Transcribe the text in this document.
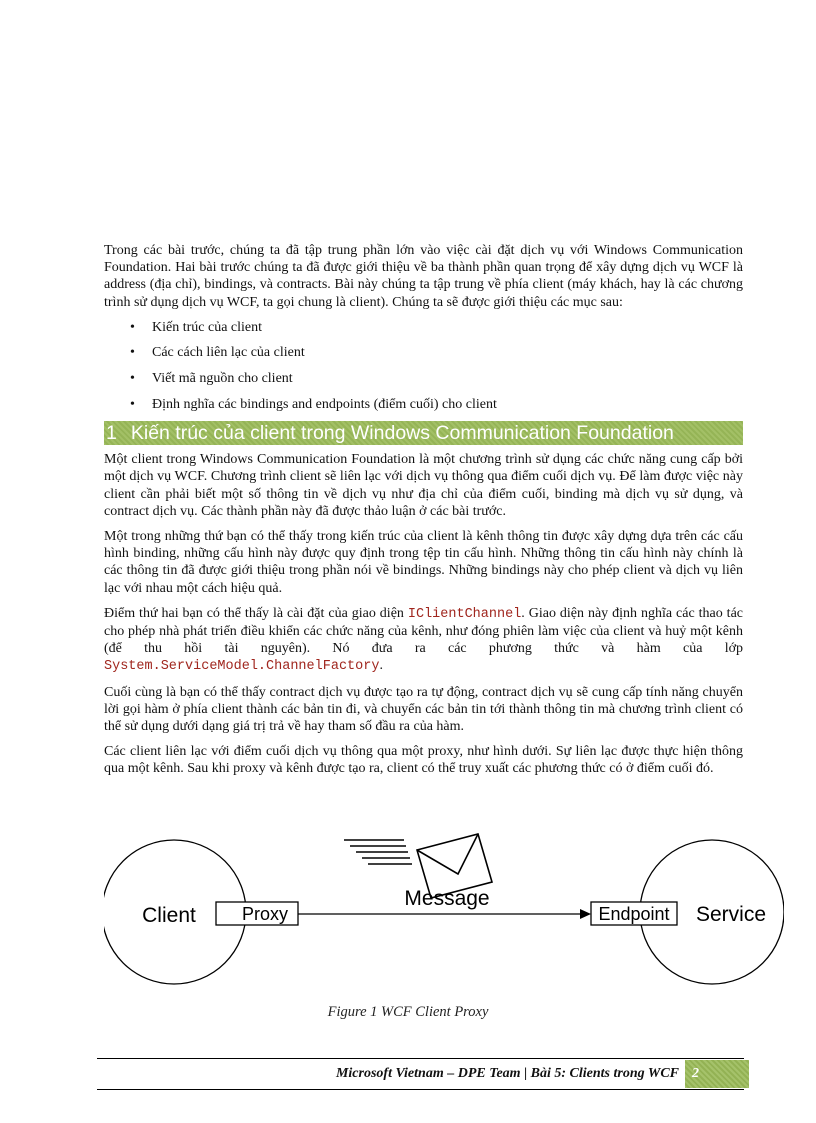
Trong các bài trước, chúng ta đã tập trung phần lớn vào việc cài đặt dịch vụ với Windows Communication Foundation. Hai bài trước chúng ta đã được giới thiệu về ba thành phần quan trọng để xây dựng dịch vụ WCF là address (địa chỉ), bindings, và contracts. Bài này chúng ta tập trung về phía client (máy khách, hay là các chương trình sử dụng dịch vụ WCF, ta gọi chung là client). Chúng ta sẽ được giới thiệu các mục sau:

• Kiến trúc của client
• Các cách liên lạc của client
• Viết mã nguồn cho client
• Định nghĩa các bindings and endpoints (điểm cuối) cho client
1 Kiến trúc của client trong Windows Communication Foundation

Một client trong Windows Communication Foundation là một chương trình sử dụng các chức năng cung cấp bởi một dịch vụ WCF. Chương trình client sẽ liên lạc với dịch vụ thông qua điểm cuối dịch vụ. Để làm được việc này client cần phải biết một số thông tin về dịch vụ như địa chỉ của điểm cuối, binding mà dịch vụ sử dụng, và contract dịch vụ. Các thành phần này đã được thảo luận ở các bài trước.

Một trong những thứ bạn có thể thấy trong kiến trúc của client là kênh thông tin được xây dựng dựa trên các cấu hình binding, những cấu hình này được quy định trong tệp tin cấu hình. Những thông tin cấu hình này chính là các thông tin đã được giới thiệu trong phần nói về bindings. Những bindings này cho phép client và dịch vụ liên lạc với nhau một cách hiệu quả.

Điểm thứ hai bạn có thể thấy là cài đặt của giao diện IClientChannel. Giao diện này định nghĩa các thao tác cho phép nhà phát triển điều khiển các chức năng của kênh, như đóng phiên làm việc của client và huỷ một kênh (để thu hồi tài nguyên). Nó đưa ra các phương thức và hàm của lớp System.ServiceModel.ChannelFactory.

Cuối cùng là bạn có thể thấy contract dịch vụ được tạo ra tự động, contract dịch vụ sẽ cung cấp tính năng chuyển lời gọi hàm ở phía client thành các bản tin đi, và chuyển các bản tin tới thành thông tin mà chương trình client có thể sử dụng dưới dạng giá trị trả về hay tham số đầu ra của hàm.

Các client liên lạc với điểm cuối dịch vụ thông qua một proxy, như hình dưới. Sự liên lạc được thực hiện thông qua một kênh. Sau khi proxy và kênh được tạo ra, client có thể truy xuất các phương thức có ở điểm cuối đó.

Client	Proxy
Message
Endpoint Service
Figure 1 WCF Client Proxy
Microsoft Vietnam – DPE Team | Bài 5: Clients trong WCF 2
